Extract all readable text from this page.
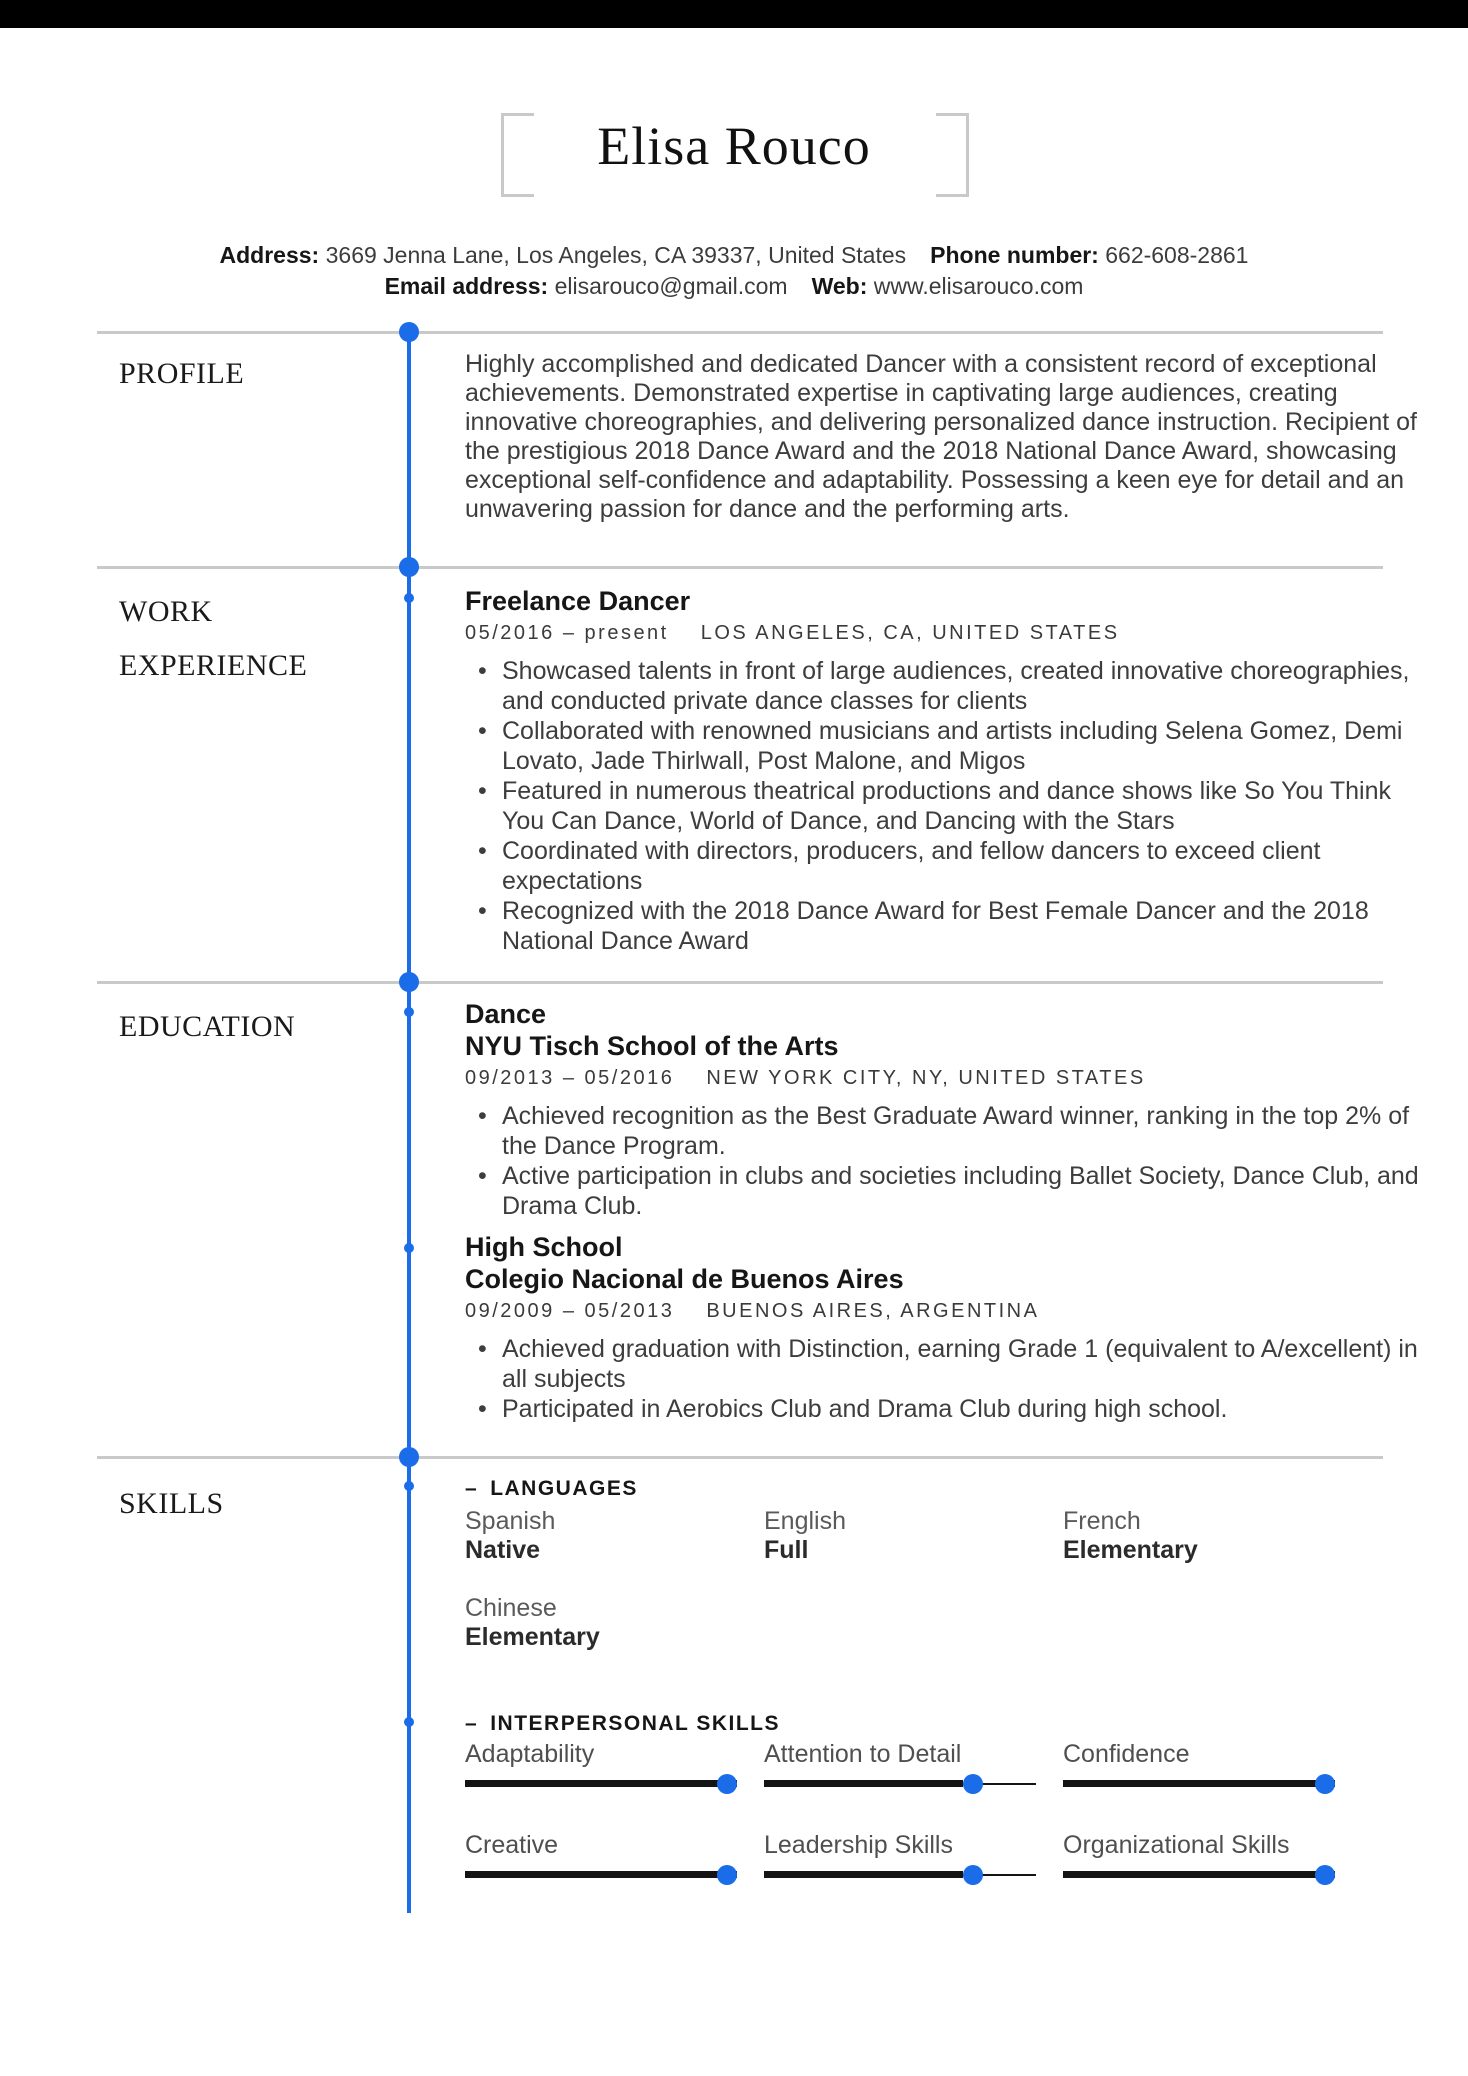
Elisa Rouco
Address: 3669 Jenna Lane, Los Angeles, CA 39337, United States Phone number: 662-608-2861
Email address: elisarouco@gmail.com Web: www.elisarouco.com
PROFILE
WORK EXPERIENCE
EDUCATION
SKILLS
Highly accomplished and dedicated Dancer with a consistent record of exceptional achievements. Demonstrated expertise in captivating large audiences, creating innovative choreographies, and delivering personalized dance instruction. Recipient of the prestigious 2018 Dance Award and the 2018 National Dance Award, showcasing exceptional self-confidence and adaptability. Possessing a keen eye for detail and an unwavering passion for dance and the performing arts.
Freelance Dancer
05/2016 – present LOS ANGELES, CA, UNITED STATES
• Showcased talents in front of large audiences, created innovative choreographies, and conducted private dance classes for clients
• Collaborated with renowned musicians and artists including Selena Gomez, Demi Lovato, Jade Thirlwall, Post Malone, and Migos
• Featured in numerous theatrical productions and dance shows like So You Think You Can Dance, World of Dance, and Dancing with the Stars
• Coordinated with directors, producers, and fellow dancers to exceed client expectations
• Recognized with the 2018 Dance Award for Best Female Dancer and the 2018 National Dance Award
Dance
NYU Tisch School of the Arts
09/2013 – 05/2016 NEW YORK CITY, NY, UNITED STATES
• Achieved recognition as the Best Graduate Award winner, ranking in the top 2% of the Dance Program.
• Active participation in clubs and societies including Ballet Society, Dance Club, and Drama Club.
High School
Colegio Nacional de Buenos Aires
09/2009 – 05/2013 BUENOS AIRES, ARGENTINA
• Achieved graduation with Distinction, earning Grade 1 (equivalent to A/excellent) in all subjects
• Participated in Aerobics Club and Drama Club during high school.
– LANGUAGES
Spanish
Native
English
Full
French
Elementary
Chinese
Elementary
– INTERPERSONAL SKILLS
Adaptability	Attention to Detail	Confidence
Creative	Leadership Skills	Organizational Skills
